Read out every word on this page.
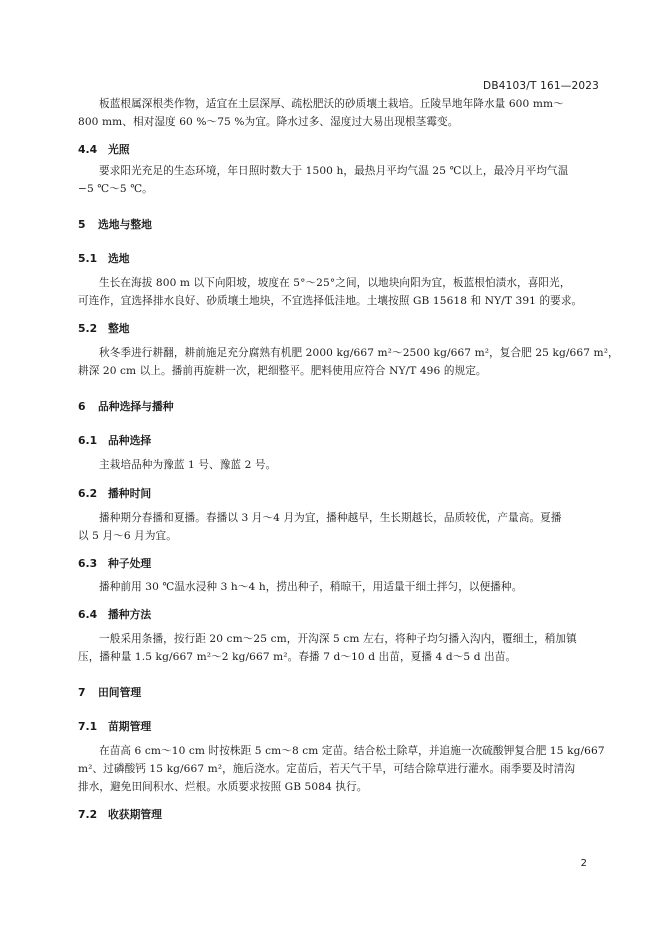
DB4103/T 161—2023
板蓝根属深根类作物，适宜在土层深厚、疏松肥沃的砂质壤土栽培。丘陵旱地年降水量 600 mm～
800 mm、相对湿度 60 %～75 %为宜。降水过多、湿度过大易出现根茎霉变。
4.4 光照
要求阳光充足的生态环境，年日照时数大于 1500 h，最热月平均气温 25 ℃以上，最冷月平均气温
−5 ℃～5 ℃。
5 选地与整地
5.1 选地
生长在海拔 800 m 以下向阳坡，坡度在 5°～25°之间，以地块向阳为宜，板蓝根怕渍水，喜阳光，
可连作，宜选择排水良好、砂质壤土地块，不宜选择低洼地。土壤按照 GB 15618 和 NY/T 391 的要求。
5.2 整地
秋冬季进行耕翻，耕前施足充分腐熟有机肥 2000 kg/667 m²～2500 kg/667 m²，复合肥 25 kg/667 m²，
耕深 20 cm 以上。播前再旋耕一次，耙细整平。肥料使用应符合 NY/T 496 的规定。
6 品种选择与播种
6.1 品种选择
主栽培品种为豫蓝 1 号、豫蓝 2 号。
6.2 播种时间
播种期分春播和夏播。春播以 3 月～4 月为宜，播种越早，生长期越长，品质较优，产量高。夏播
以 5 月～6 月为宜。
6.3 种子处理
播种前用 30 ℃温水浸种 3 h～4 h，捞出种子，稍晾干，用适量干细土拌匀，以便播种。
6.4 播种方法
一般采用条播，按行距 20 cm～25 cm，开沟深 5 cm 左右，将种子均匀播入沟内，覆细土，稍加镇
压，播种量 1.5 kg/667 m²～2 kg/667 m²。春播 7 d～10 d 出苗，夏播 4 d～5 d 出苗。
7 田间管理
7.1 苗期管理
在苗高 6 cm～10 cm 时按株距 5 cm～8 cm 定苗。结合松土除草，并追施一次硫酸钾复合肥 15 kg/667
m²、过磷酸钙 15 kg/667 m²，施后浇水。定苗后，若天气干旱，可结合除草进行灌水。雨季要及时清沟
排水，避免田间积水、烂根。水质要求按照 GB 5084 执行。
7.2 收获期管理
2
